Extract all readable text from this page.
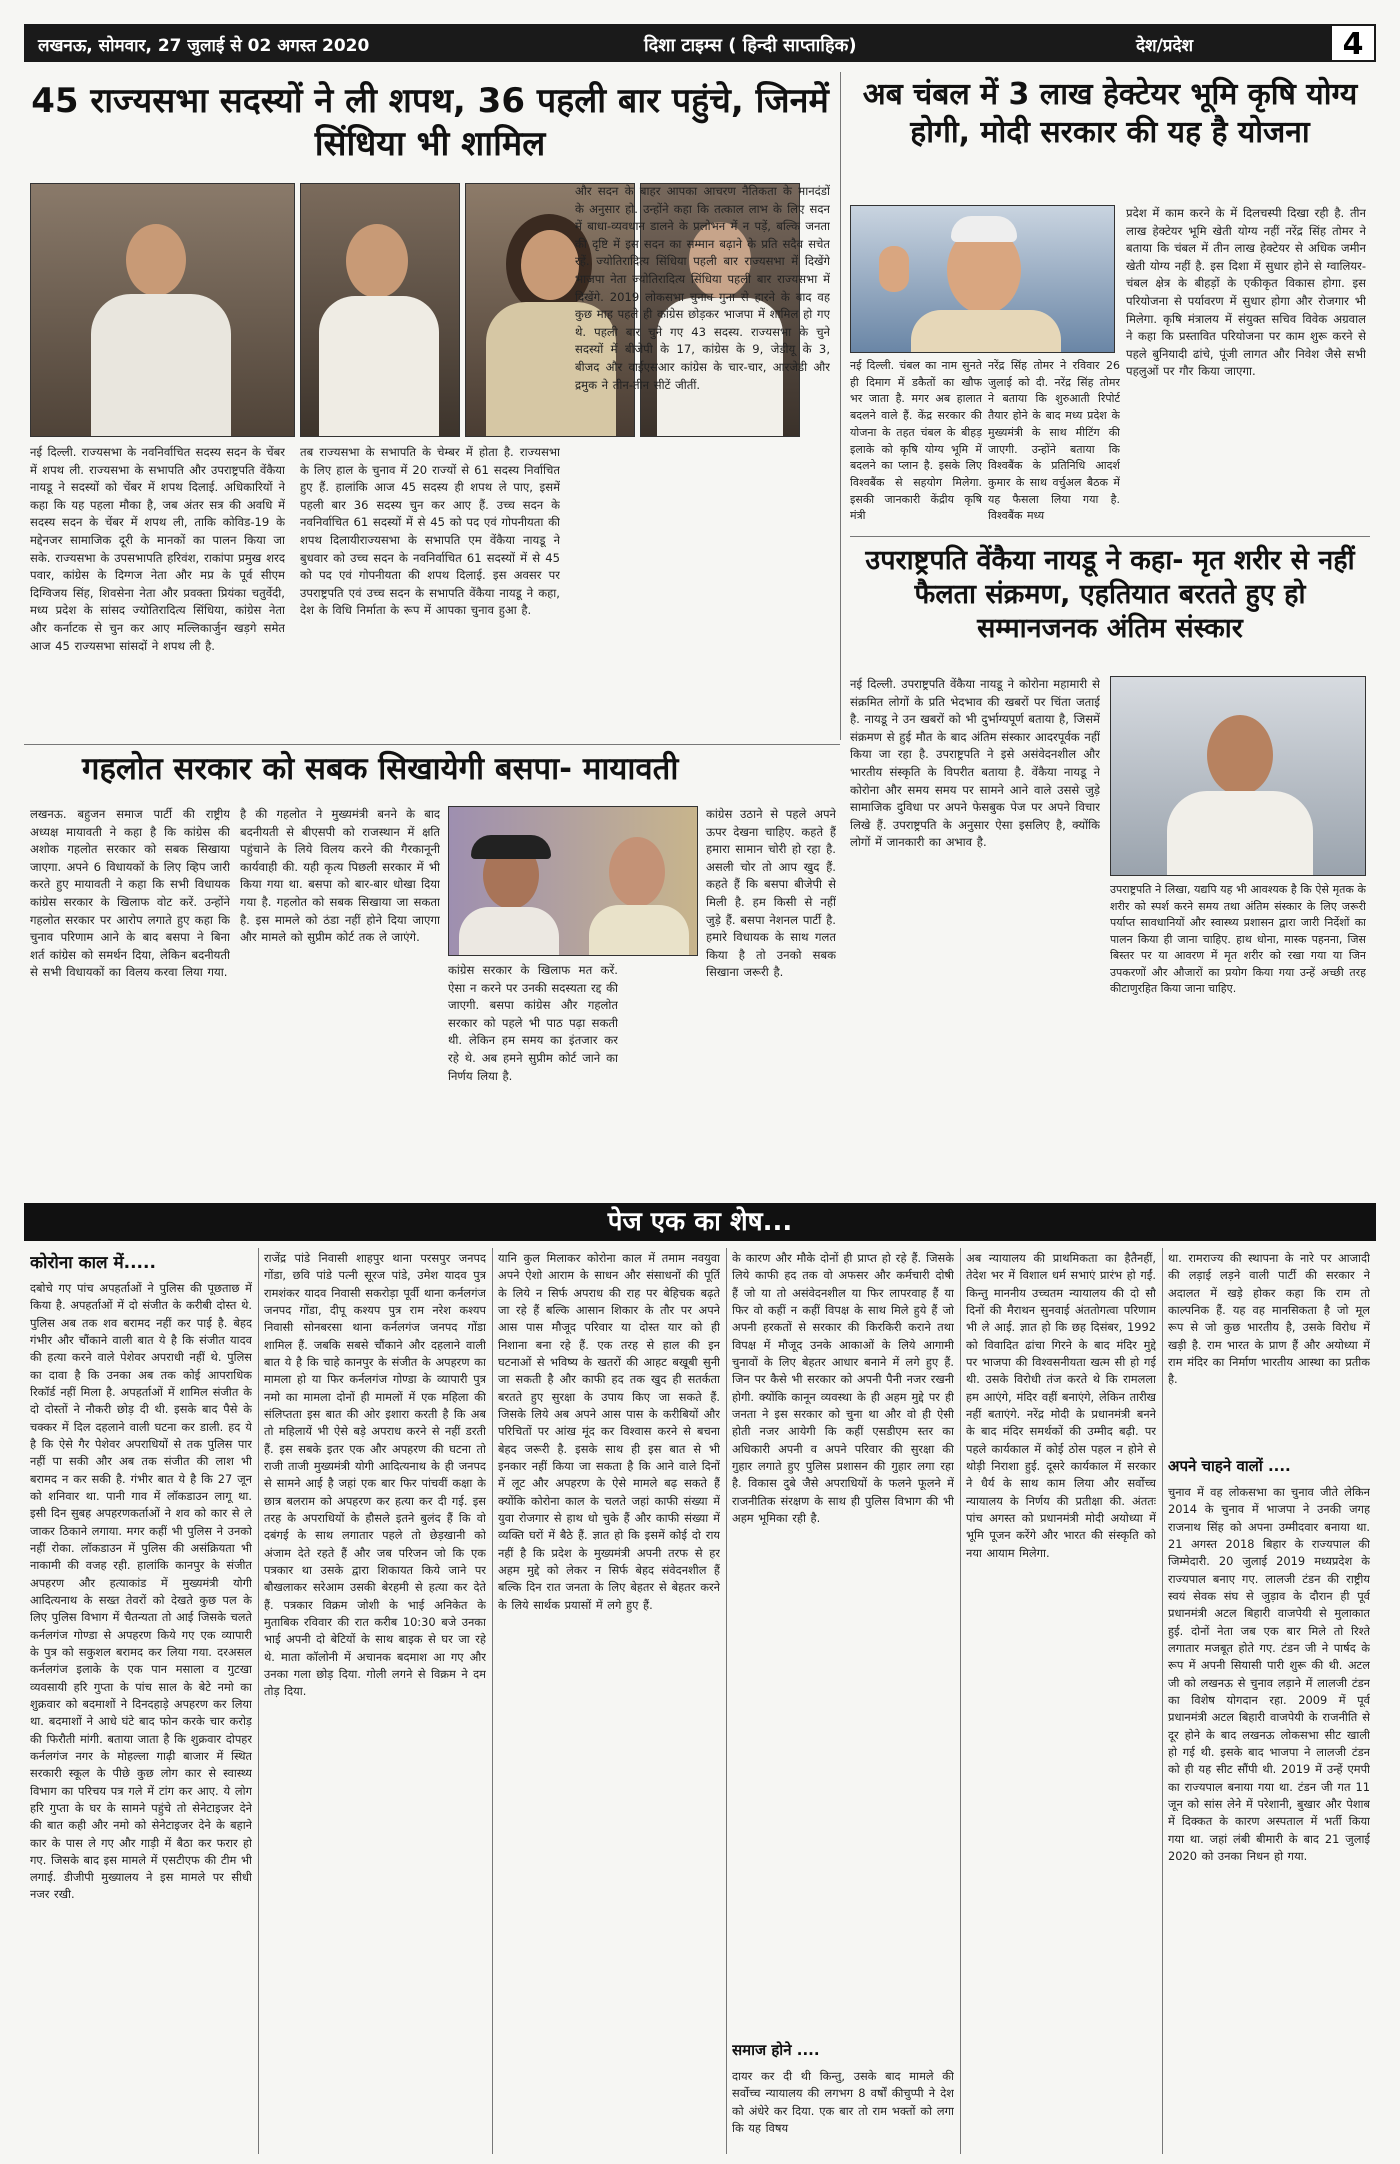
लखनऊ, सोमवार, 27 जुलाई से 02 अगस्त 2020	दिशा टाइम्स ( हिन्दी साप्ताहिक)	देश/प्रदेश	4
45 राज्यसभा सदस्यों ने ली शपथ, 36 पहली बार पहुंचे, जिनमें सिंधिया भी शामिल
नई दिल्ली. राज्यसभा के नवनिर्वाचित सदस्य सदन के चेंबर में शपथ ली. राज्यसभा के सभापति और उपराष्ट्रपति वेंकैया नायडू ने सदस्यों को चेंबर में शपथ दिलाई. अधिकारियों ने कहा कि यह पहला मौका है, जब अंतर सत्र की अवधि में सदस्य सदन के चेंबर में शपथ ली, ताकि कोविड-19 के मद्देनजर सामाजिक दूरी के मानकों का पालन किया जा सके. राज्यसभा के उपसभापति हरिवंश, राकांपा प्रमुख शरद पवार, कांग्रेस के दिग्गज नेता और मप्र के पूर्व सीएम दिग्विजय सिंह, शिवसेना नेता और प्रवक्ता प्रियंका चतुर्वेदी, मध्य प्रदेश के सांसद ज्योतिरादित्य सिंधिया, कांग्रेस नेता और कर्नाटक से चुन कर आए मल्लिकार्जुन खड़गे समेत आज 45 राज्यसभा सांसदों ने शपथ ली है.
तब राज्यसभा के सभापति के चेम्बर में होता है. राज्यसभा के लिए हाल के चुनाव में 20 राज्यों से 61 सदस्य निर्वाचित हुए हैं. हालांकि आज 45 सदस्य ही शपथ ले पाए, इसमें पहली बार 36 सदस्य चुन कर आए हैं. उच्च सदन के नवनिर्वाचित 61 सदस्यों में से 45 को पद एवं गोपनीयता की शपथ दिलायीराज्यसभा के सभापति एम वेंकैया नायडू ने बुधवार को उच्च सदन के नवनिर्वाचित 61 सदस्यों में से 45 को पद एवं गोपनीयता की शपथ दिलाई. इस अवसर पर उपराष्ट्रपति एवं उच्च सदन के सभापति वेंकैया नायडू ने कहा, देश के विधि निर्माता के रूप में आपका चुनाव हुआ है.
और सदन के बाहर आपका आचरण नैतिकता के मानदंडों के अनुसार हो. उन्होंने कहा कि तत्काल लाभ के लिए सदन में बाधा-व्यवधान डालने के प्रलोभन में न पड़ें, बल्कि जनता की दृष्टि में इस सदन का सम्मान बढ़ाने के प्रति सदैव सचेत रहें. ज्योतिरादित्य सिंधिया पहली बार राज्यसभा में दिखेंगे भाजपा नेता ज्योतिरादित्य सिंधिया पहली बार राज्यसभा में दिखेंगे. 2019 लोकसभा चुनाव गुना से हारने के बाद वह कुछ माह पहले ही कांग्रेस छोड़कर भाजपा में शामिल हो गए थे. पहली बार चुने गए 43 सदस्य. राज्यसभा के चुने सदस्यों में बीजेपी के 17, कांग्रेस के 9, जेडीयू के 3, बीजद और वाईएसआर कांग्रेस के चार-चार, आरजेडी और द्रमुक ने तीन-तीन सीटें जीतीं.
अब चंबल में 3 लाख हेक्टेयर भूमि कृषि योग्य होगी, मोदी सरकार की यह है योजना
प्रदेश में काम करने के में दिलचस्पी दिखा रही है. तीन लाख हेक्टेयर भूमि खेती योग्य नहीं नरेंद्र सिंह तोमर ने बताया कि चंबल में तीन लाख हेक्टेयर से अधिक जमीन खेती योग्य नहीं है. इस दिशा में सुधार होने से ग्वालियर-चंबल क्षेत्र के बीहड़ों के एकीकृत विकास होगा. इस परियोजना से पर्यावरण में सुधार होगा और रोजगार भी मिलेगा. कृषि मंत्रालय में संयुक्त सचिव विवेक अग्रवाल ने कहा कि प्रस्तावित परियोजना पर काम शुरू करने से पहले बुनियादी ढांचे, पूंजी लागत और निवेश जैसे सभी पहलुओं पर गौर किया जाएगा.
नई दिल्ली. चंबल का नाम सुनते ही दिमाग में डकैतों का खौफ भर जाता है. मगर अब हालात बदलने वाले हैं. केंद्र सरकार की योजना के तहत चंबल के बीहड़ इलाके को कृषि योग्य भूमि में बदलने का प्लान है. इसके लिए विश्वबैंक से सहयोग मिलेगा. इसकी जानकारी केंद्रीय कृषि मंत्री
नरेंद्र सिंह तोमर ने रविवार 26 जुलाई को दी. नरेंद्र सिंह तोमर ने बताया कि शुरुआती रिपोर्ट तैयार होने के बाद मध्य प्रदेश के मुख्यमंत्री के साथ मीटिंग की जाएगी. उन्होंने बताया कि विश्वबैंक के प्रतिनिधि आदर्श कुमार के साथ वर्चुअल बैठक में यह फैसला लिया गया है. विश्वबैंक मध्य
उपराष्ट्रपति वेंकैया नायडू ने कहा- मृत शरीर से नहीं फैलता संक्रमण, एहतियात बरतते हुए हो सम्मानजनक अंतिम संस्कार
नई दिल्ली. उपराष्ट्रपति वेंकैया नायडू ने कोरोना महामारी से संक्रमित लोगों के प्रति भेदभाव की खबरों पर चिंता जताई है. नायडू ने उन खबरों को भी दुर्भाग्यपूर्ण बताया है, जिसमें संक्रमण से हुई मौत के बाद अंतिम संस्कार आदरपूर्वक नहीं किया जा रहा है. उपराष्ट्रपति ने इसे असंवेदनशील और भारतीय संस्कृति के विपरीत बताया है. वेंकैया नायडू ने कोरोना और समय समय पर सामने आने वाले उससे जुड़े सामाजिक दुविधा पर अपने फेसबुक पेज पर अपने विचार लिखे हैं. उपराष्ट्रपति के अनुसार ऐसा इसलिए है, क्योंकि लोगों में जानकारी का अभाव है.
उपराष्ट्रपति ने लिखा, यद्यपि यह भी आवश्यक है कि ऐसे मृतक के शरीर को स्पर्श करने समय तथा अंतिम संस्कार के लिए जरूरी पर्याप्त सावधानियों और स्वास्थ्य प्रशासन द्वारा जारी निर्देशों का पालन किया ही जाना चाहिए. हाथ धोना, मास्क पहनना, जिस बिस्तर पर या आवरण में मृत शरीर को रखा गया या जिन उपकरणों और औजारों का प्रयोग किया गया उन्हें अच्छी तरह कीटाणुरहित किया जाना चाहिए.
गहलोत सरकार को सबक सिखायेगी बसपा- मायावती
लखनऊ. बहुजन समाज पार्टी की राष्ट्रीय अध्यक्ष मायावती ने कहा है कि कांग्रेस की अशोक गहलोत सरकार को सबक सिखाया जाएगा. अपने 6 विधायकों के लिए व्हिप जारी करते हुए मायावती ने कहा कि सभी विधायक कांग्रेस सरकार के खिलाफ वोट करें. उन्होंने गहलोत सरकार पर आरोप लगाते हुए कहा कि चुनाव परिणाम आने के बाद बसपा ने बिना शर्त कांग्रेस को समर्थन दिया, लेकिन बदनीयती से सभी विधायकों का विलय करवा लिया गया.
है की गहलोत ने मुख्यमंत्री बनने के बाद बदनीयती से बीएसपी को राजस्थान में क्षति पहुंचाने के लिये विलय करने की गैरकानूनी कार्यवाही की. यही कृत्य पिछली सरकार में भी किया गया था. बसपा को बार-बार धोखा दिया गया है. गहलोत को सबक सिखाया जा सकता है. इस मामले को ठंडा नहीं होने दिया जाएगा और मामले को सुप्रीम कोर्ट तक ले जाएंगे.
कांग्रेस सरकार के खिलाफ मत करें. ऐसा न करने पर उनकी सदस्यता रद्द की जाएगी. बसपा कांग्रेस और गहलोत सरकार को पहले भी पाठ पढ़ा सकती थी. लेकिन हम समय का इंतजार कर रहे थे. अब हमने सुप्रीम कोर्ट जाने का निर्णय लिया है.
कांग्रेस उठाने से पहले अपने ऊपर देखना चाहिए. कहते हैं हमारा सामान चोरी हो रहा है. असली चोर तो आप खुद हैं. कहते हैं कि बसपा बीजेपी से मिली है. हम किसी से नहीं जुड़े हैं. बसपा नेशनल पार्टी है. हमारे विधायक के साथ गलत किया है तो उनको सबक सिखाना जरूरी है.
पेज एक का शेष...
कोरोना काल में.....
दबोचे गए पांच अपहर्ताओं ने पुलिस की पूछताछ में किया है. अपहर्ताओं में दो संजीत के करीबी दोस्त थे. पुलिस अब तक शव बरामद नहीं कर पाई है. बेहद गंभीर और चौंकाने वाली बात ये है कि संजीत यादव की हत्या करने वाले पेशेवर अपराधी नहीं थे. पुलिस का दावा है कि उनका अब तक कोई आपराधिक रिकॉर्ड नहीं मिला है. अपहर्ताओं में शामिल संजीत के दो दोस्तों ने नौकरी छोड़ दी थी. इसके बाद पैसे के चक्कर में दिल दहलाने वाली घटना कर डाली. हद ये है कि ऐसे गैर पेशेवर अपराधियों से तक पुलिस पार नहीं पा सकी और अब तक संजीत की लाश भी बरामद न कर सकी है. गंभीर बात ये है कि 27 जून को शनिवार था. पानी गाव में लॉकडाउन लागू था. इसी दिन सुबह अपहरणकर्ताओं ने शव को कार से ले जाकर ठिकाने लगाया. मगर कहीं भी पुलिस ने उनको नहीं रोका. लॉकडाउन में पुलिस की असंक्रियता भी नाकामी की वजह रही. हालांकि कानपुर के संजीत अपहरण और हत्याकांड में मुख्यमंत्री योगी आदित्यनाथ के सख्त तेवरों को देखते कुछ पल के लिए पुलिस विभाग में चैतन्यता तो आई जिसके चलते कर्नलगंज गोण्डा से अपहरण किये गए एक व्यापारी के पुत्र को सकुशल बरामद कर लिया गया. दरअसल कर्नलगंज इलाके के एक पान मसाला व गुटखा व्यवसायी हरि गुप्ता के पांच साल के बेटे नमो का शुक्रवार को बदमाशों ने दिनदहाड़े अपहरण कर लिया था. बदमाशों ने आधे घंटे बाद फोन करके चार करोड़ की फिरौती मांगी. बताया जाता है कि शुक्रवार दोपहर कर्नलगंज नगर के मोहल्ला गाढ़ी बाजार में स्थित सरकारी स्कूल के पीछे कुछ लोग कार से स्वास्थ्य विभाग का परिचय पत्र गले में टांग कर आए. ये लोग हरि गुप्ता के घर के सामने पहुंचे तो सेनेटाइजर देने की बात कही और नमो को सेनेटाइजर देने के बहाने कार के पास ले गए और गाड़ी में बैठा कर फरार हो गए. जिसके बाद इस मामले में एसटीएफ की टीम भी लगाई. डीजीपी मुख्यालय ने इस मामले पर सीधी नजर रखी.
राजेंद्र पांडे निवासी शाहपुर थाना परसपुर जनपद गोंडा, छवि पांडे पत्नी सूरज पांडे, उमेश यादव पुत्र रामशंकर यादव निवासी सकरोड़ा पूर्वी थाना कर्नलगंज जनपद गोंडा, दीपू कश्यप पुत्र राम नरेश कश्यप निवासी सोनबरसा थाना कर्नलगंज जनपद गोंडा शामिल हैं. जबकि सबसे चौंकाने और दहलाने वाली बात ये है कि चाहे कानपुर के संजीत के अपहरण का मामला हो या फिर कर्नलगंज गोण्डा के व्यापारी पुत्र नमो का मामला दोनों ही मामलों में एक महिला की संलिप्तता इस बात की ओर इशारा करती है कि अब तो महिलायें भी ऐसे बड़े अपराध करने से नहीं डरती हैं. इस सबके इतर एक और अपहरण की घटना तो राजी ताजी मुख्यमंत्री योगी आदित्यनाथ के ही जनपद से सामने आई है जहां एक बार फिर पांचवीं कक्षा के छात्र बलराम को अपहरण कर हत्या कर दी गई. इस तरह के अपराधियों के हौसले इतने बुलंद हैं कि वो दबंगई के साथ लगातार पहले तो छेड़खानी को अंजाम देते रहते हैं और जब परिजन जो कि एक पत्रकार था उसके द्वारा शिकायत किये जाने पर बौखलाकर सरेआम उसकी बेरहमी से हत्या कर देते हैं. पत्रकार विक्रम जोशी के भाई अनिकेत के मुताबिक रविवार की रात करीब 10:30 बजे उनका भाई अपनी दो बेटियों के साथ बाइक से घर जा रहे थे. माता कॉलोनी में अचानक बदमाश आ गए और उनका गला छोड़ दिया. गोली लगने से विक्रम ने दम तोड़ दिया.
यानि कुल मिलाकर कोरोना काल में तमाम नवयुवा अपने ऐशो आराम के साधन और संसाधनों की पूर्ति के लिये न सिर्फ अपराध की राह पर बेहिचक बढ़ते जा रहे हैं बल्कि आसान शिकार के तौर पर अपने आस पास मौजूद परिवार या दोस्त यार को ही निशाना बना रहे हैं. एक तरह से हाल की इन घटनाओं से भविष्य के खतरों की आहट बखूबी सुनी जा सकती है और काफी हद तक खुद ही सतर्कता बरतते हुए सुरक्षा के उपाय किए जा सकते हैं. जिसके लिये अब अपने आस पास के करीबियों और परिचितों पर आंख मूंद कर विश्वास करने से बचना बेहद जरूरी है. इसके साथ ही इस बात से भी इनकार नहीं किया जा सकता है कि आने वाले दिनों में लूट और अपहरण के ऐसे मामले बढ़ सकते हैं क्योंकि कोरोना काल के चलते जहां काफी संख्या में युवा रोजगार से हाथ धो चुके हैं और काफी संख्या में व्यक्ति घरों में बैठे हैं. ज्ञात हो कि इसमें कोई दो राय नहीं है कि प्रदेश के मुख्यमंत्री अपनी तरफ से हर अहम मुद्दे को लेकर न सिर्फ बेहद संवेदनशील हैं बल्कि दिन रात जनता के लिए बेहतर से बेहतर करने के लिये सार्थक प्रयासों में लगे हुए हैं.
के कारण और मौके दोनों ही प्राप्त हो रहे हैं. जिसके लिये काफी हद तक वो अफसर और कर्मचारी दोषी हैं जो या तो असंवेदनशील या फिर लापरवाह हैं या फिर वो कहीं न कहीं विपक्ष के साथ मिले हुये हैं जो अपनी हरकतों से सरकार की किरकिरी कराने तथा विपक्ष में मौजूद उनके आकाओं के लिये आगामी चुनावों के लिए बेहतर आधार बनाने में लगे हुए हैं. जिन पर कैसे भी सरकार को अपनी पैनी नजर रखनी होगी. क्योंकि कानून व्यवस्था के ही अहम मुद्दे पर ही जनता ने इस सरकार को चुना था और वो ही ऐसी होती नजर आयेगी कि कहीं एसडीएम स्तर का अधिकारी अपनी व अपने परिवार की सुरक्षा की गुहार लगाते हुए पुलिस प्रशासन की गुहार लगा रहा है. विकास दुबे जैसे अपराधियों के फलने फूलने में राजनीतिक संरक्षण के साथ ही पुलिस विभाग की भी अहम भूमिका रही है.
समाज होने ....
दायर कर दी थी किन्तु, उसके बाद मामले की सर्वोच्च न्यायालय की लगभग 8 वर्षों कीचुप्पी ने देश को अंधेरे कर दिया. एक बार तो राम भक्तों को लगा कि यह विषय
अब न्यायालय की प्राथमिकता का हैतैनहीं, तेदेश भर में विशाल धर्म सभाएं प्रारंभ हो गईं. किन्तु माननीय उच्चतम न्यायालय की दो सौ दिनों की मैराथन सुनवाई अंततोगत्वा परिणाम भी ले आई. ज्ञात हो कि छह दिसंबर, 1992 को विवादित ढांचा गिरने के बाद मंदिर मुद्दे पर भाजपा की विश्वसनीयता खत्म सी हो गई थी. उसके विरोधी तंज करते थे कि रामलला हम आएंगे, मंदिर वहीं बनाएंगे, लेकिन तारीख नहीं बताएंगे. नरेंद्र मोदी के प्रधानमंत्री बनने के बाद मंदिर समर्थकों की उम्मीद बढ़ी. पर पहले कार्यकाल में कोई ठोस पहल न होने से थोड़ी निराशा हुई. दूसरे कार्यकाल में सरकार ने धैर्य के साथ काम लिया और सर्वोच्च न्यायालय के निर्णय की प्रतीक्षा की. अंततः पांच अगस्त को प्रधानमंत्री मोदी अयोध्या में भूमि पूजन करेंगे और भारत की संस्कृति को नया आयाम मिलेगा.
था. रामराज्य की स्थापना के नारे पर आजादी की लड़ाई लड़ने वाली पार्टी की सरकार ने अदालत में खड़े होकर कहा कि राम तो काल्पनिक हैं. यह वह मानसिकता है जो मूल रूप से जो कुछ भारतीय है, उसके विरोध में खड़ी है. राम भारत के प्राण हैं और अयोध्या में राम मंदिर का निर्माण भारतीय आस्था का प्रतीक है.
अपने चाहने वालों ....
चुनाव में वह लोकसभा का चुनाव जीते लेकिन 2014 के चुनाव में भाजपा ने उनकी जगह राजनाथ सिंह को अपना उम्मीदवार बनाया था. 21 अगस्त 2018 बिहार के राज्यपाल की जिम्मेदारी. 20 जुलाई 2019 मध्यप्रदेश के राज्यपाल बनाए गए. लालजी टंडन की राष्ट्रीय स्वयं सेवक संघ से जुड़ाव के दौरान ही पूर्व प्रधानमंत्री अटल बिहारी वाजपेयी से मुलाकात हुई. दोनों नेता जब एक बार मिले तो रिश्ते लगातार मजबूत होते गए. टंडन जी ने पार्षद के रूप में अपनी सियासी पारी शुरू की थी. अटल जी को लखनऊ से चुनाव लड़ाने में लालजी टंडन का विशेष योगदान रहा. 2009 में पूर्व प्रधानमंत्री अटल बिहारी वाजपेयी के राजनीति से दूर होने के बाद लखनऊ लोकसभा सीट खाली हो गई थी. इसके बाद भाजपा ने लालजी टंडन को ही यह सीट सौंपी थी. 2019 में उन्हें एमपी का राज्यपाल बनाया गया था. टंडन जी गत 11 जून को सांस लेने में परेशानी, बुखार और पेशाब में दिक्कत के कारण अस्पताल में भर्ती किया गया था. जहां लंबी बीमारी के बाद 21 जुलाई 2020 को उनका निधन हो गया.
